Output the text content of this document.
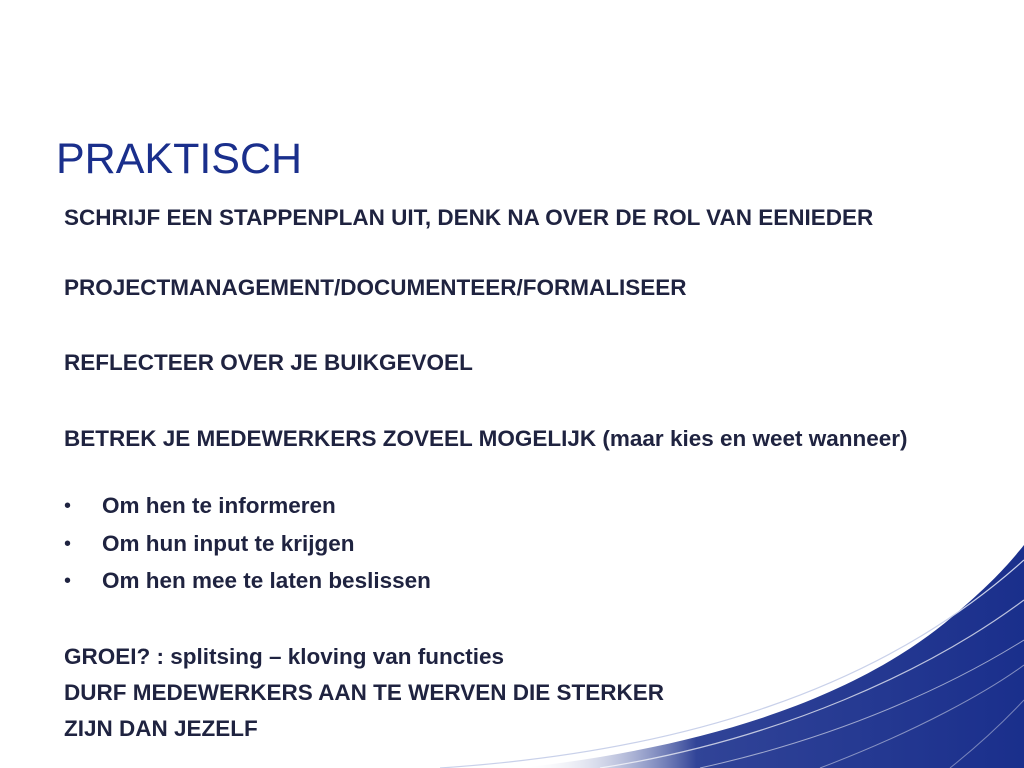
PRAKTISCH

SCHRIJF EEN STAPPENPLAN UIT, DENK NA OVER DE ROL VAN EENIEDER

PROJECTMANAGEMENT/DOCUMENTEER/FORMALISEER

REFLECTEER OVER JE BUIKGEVOEL

BETREK JE MEDEWERKERS ZOVEEL MOGELIJK (maar kies en weet wanneer)

•	Om hen te informeren
•	Om hun input te krijgen
•	Om hen mee te laten beslissen

GROEI? : splitsing – kloving van functies

DURF MEDEWERKERS AAN TE WERVEN DIE STERKER

ZIJN DAN JEZELF
